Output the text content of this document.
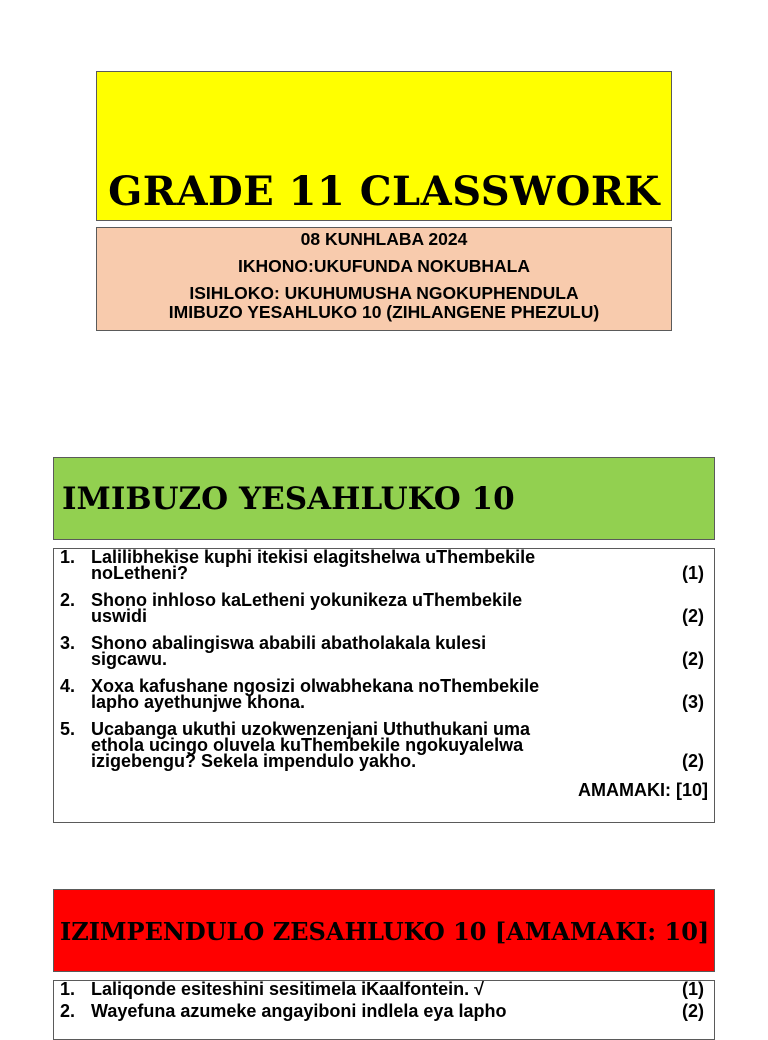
GRADE 11 CLASSWORK
08 KUNHLABA 2024
IKHONO:UKUFUNDA NOKUBHALA
ISIHLOKO: UKUHUMUSHA NGOKUPHENDULA
IMIBUZO YESAHLUKO 10 (ZIHLANGENE PHEZULU)
IMIBUZO YESAHLUKO 10
1. Lalilibhekise kuphi itekisi elagitshelwa uThembekile
noLetheni?	(1)
2. Shono inhloso kaLetheni yokunikeza uThembekile
uswidi	(2)
3. Shono abalingiswa ababili abatholakala kulesi
sigcawu.	(2)
4. Xoxa kafushane ngosizi olwabhekana noThembekile
lapho ayethunjwe khona.	(3)
5. Ucabanga ukuthi uzokwenzenjani Uthuthukani uma
ethola ucingo oluvela kuThembekile ngokuyalelwa
izigebengu? Sekela impendulo yakho.	(2)
AMAMAKI: [10]
IZIMPENDULO ZESAHLUKO 10 [AMAMAKI: 10]
1. Laliqonde esiteshini sesitimela iKaalfontein. √	(1)
2. Wayefuna azumeke angayiboni indlela eya lapho	(2)
